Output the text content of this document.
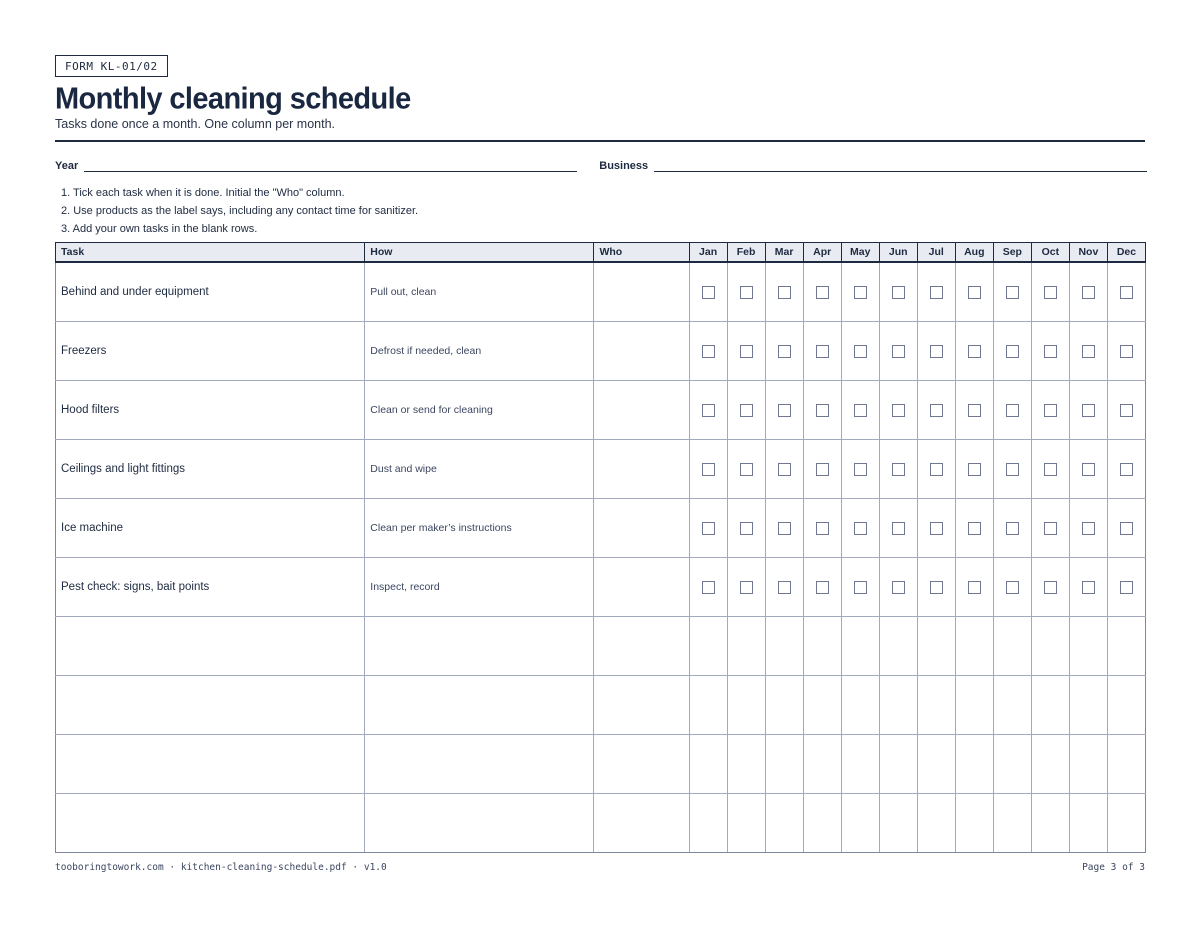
FORM KL-01/02
Monthly cleaning schedule
Tasks done once a month. One column per month.
Year	Business
1. Tick each task when it is done. Initial the "Who" column.
2. Use products as the label says, including any contact time for sanitizer.
3. Add your own tasks in the blank rows.
Task	How	Who	Jan	Feb	Mar	Apr	May	Jun	Jul	Aug	Sep	Oct	Nov	Dec
Behind and under equipment	Pull out, clean													
Freezers	Defrost if needed, clean													
Hood filters	Clean or send for cleaning													
Ceilings and light fittings	Dust and wipe													
Ice machine	Clean per maker’s instructions													
Pest check: signs, bait points	Inspect, record													

tooboringtowork.com · kitchen-cleaning-schedule.pdf · v1.0	Page 3 of 3
